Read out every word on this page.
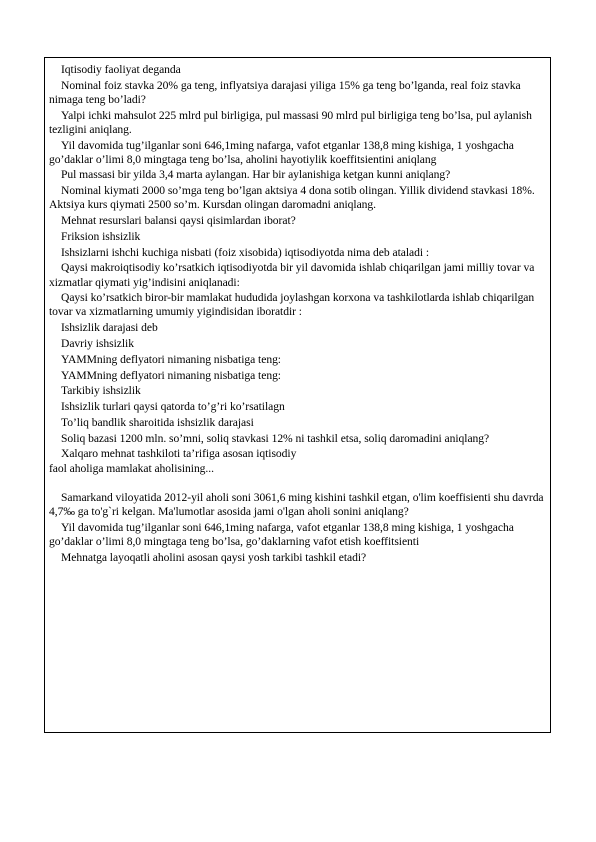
Iqtisodiy faoliyat deganda

Nominal foiz stavka 20% ga teng, inflyatsiya darajasi yiliga 15% ga teng bo’lganda, real foiz stavka nimaga teng bo’ladi?

Yalpi ichki mahsulot 225 mlrd pul birligiga, pul massasi 90 mlrd pul birligiga teng bo’lsa, pul aylanish tezligini aniqlang.

Yil davomida tug’ilganlar soni 646,1ming nafarga, vafot etganlar 138,8 ming kishiga, 1 yoshgacha go’daklar o’limi 8,0 mingtaga teng bo’lsa, aholini hayotiylik koeffitsientini aniqlang

Pul massasi bir yilda 3,4 marta aylangan. Har bir aylanishiga ketgan kunni aniqlang?

Nominal kiymati 2000 so’mga teng bo’lgan aktsiya 4 dona sotib olingan. Yillik dividend stavkasi 18%. Aktsiya kurs qiymati 2500 so’m. Kursdan olingan daromadni aniqlang.

Mehnat resurslari balansi qaysi qisimlardan iborat?

Friksion ishsizlik

Ishsizlarni ishchi kuchiga nisbati (foiz xisobida) iqtisodiyotda nima deb ataladi :

Qaysi makroiqtisodiy ko’rsatkich iqtisodiyotda bir yil davomida ishlab chiqarilgan jami milliy tovar va xizmatlar qiymati yig’indisini aniqlanadi:

Qaysi ko’rsatkich biror-bir mamlakat hududida joylashgan korxona va tashkilotlarda ishlab chiqarilgan tovar va xizmatlarning umumiy yigindisidan iboratdir :

Ishsizlik darajasi deb

Davriy ishsizlik

YAMMning deflyatori nimaning nisbatiga teng:

YAMMning deflyatori nimaning nisbatiga teng:

Tarkibiy ishsizlik

Ishsizlik turlari qaysi qatorda to’g’ri ko’rsatilagn

To’liq bandlik sharoitida ishsizlik darajasi

Soliq bazasi 1200 mln. so’mni, soliq stavkasi 12% ni tashkil etsa, soliq daromadini aniqlang?

Xalqaro mehnat tashkiloti ta’rifiga asosan iqtisodiy

faol aholiga mamlakat aholisining...

Samarkand viloyatida 2012-yil aholi soni 3061,6 ming kishini tashkil etgan, o'lim koeffisienti shu davrda 4,7‰ ga to'g`ri kelgan. Ma'lumotlar asosida jami o'lgan aholi sonini aniqlang?

Yil davomida tug’ilganlar soni 646,1ming nafarga, vafot etganlar 138,8 ming kishiga, 1 yoshgacha go’daklar o’limi 8,0 mingtaga teng bo’lsa, go’daklarning vafot etish koeffitsienti

Mehnatga layoqatli aholini asosan qaysi yosh tarkibi tashkil etadi?
